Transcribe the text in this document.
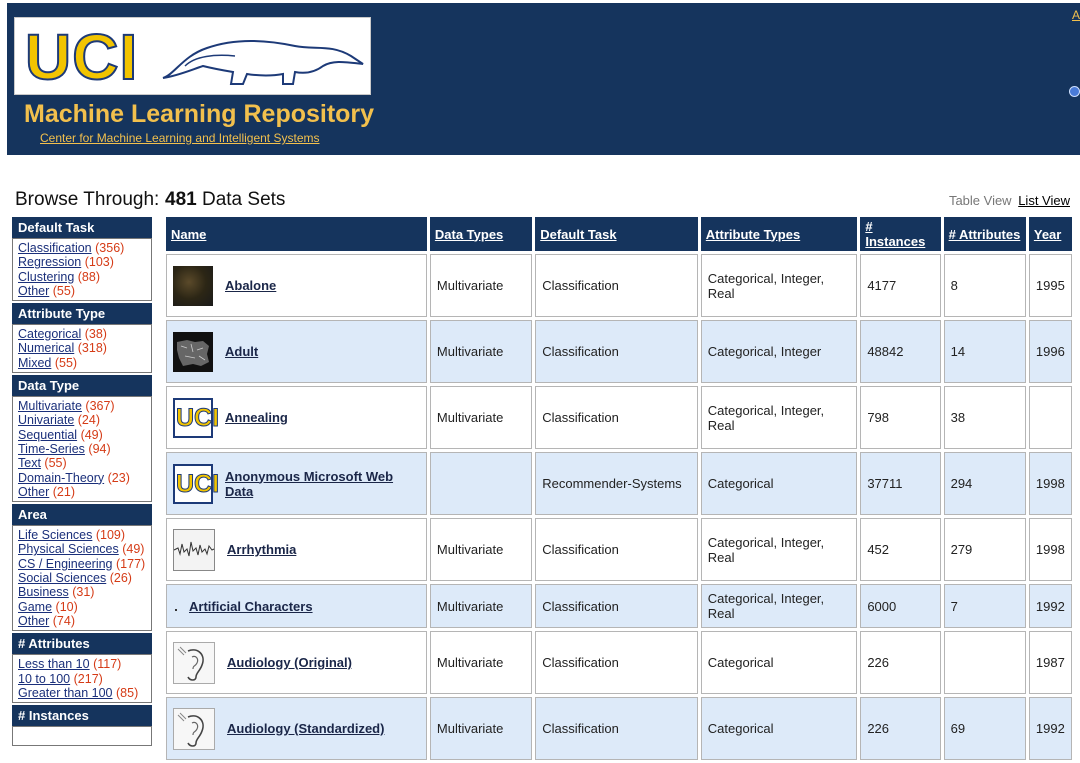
UCI
Machine Learning Repository
Center for Machine Learning and Intelligent Systems
A
Browse Through: 481 Data Sets	Table View List View
Default Task
Classification (356)
Regression (103)
Clustering (88)
Other (55)
Attribute Type
Categorical (38)
Numerical (318)
Mixed (55)
Data Type
Multivariate (367)
Univariate (24)
Sequential (49)
Time-Series (94)
Text (55)
Domain-Theory (23)
Other (21)
Area
Life Sciences (109)
Physical Sciences (49)
CS / Engineering (177)
Social Sciences (26)
Business (31)
Game (10)
Other (74)
# Attributes
Less than 10 (117)
10 to 100 (217)
Greater than 100 (85)
# Instances
Name	Data Types	Default Task	Attribute Types	# Instances	# Attributes	Year

Abalone	Multivariate	Classification	Categorical, Integer, Real	4177	8	1995

Adult	Multivariate	Classification	Categorical, Integer	48842	14	1996

UCI Annealing	Multivariate	Classification	Categorical, Integer, Real	798	38	

UCI Anonymous Microsoft Web Data		Recommender-Systems	Categorical	37711	294	1998

Arrhythmia	Multivariate	Classification	Categorical, Integer, Real	452	279	1998

Artificial Characters	Multivariate	Classification	Categorical, Integer, Real	6000	7	1992

Audiology (Original)	Multivariate	Classification	Categorical	226		1987

Audiology (Standardized)	Multivariate	Classification	Categorical	226	69	1992
